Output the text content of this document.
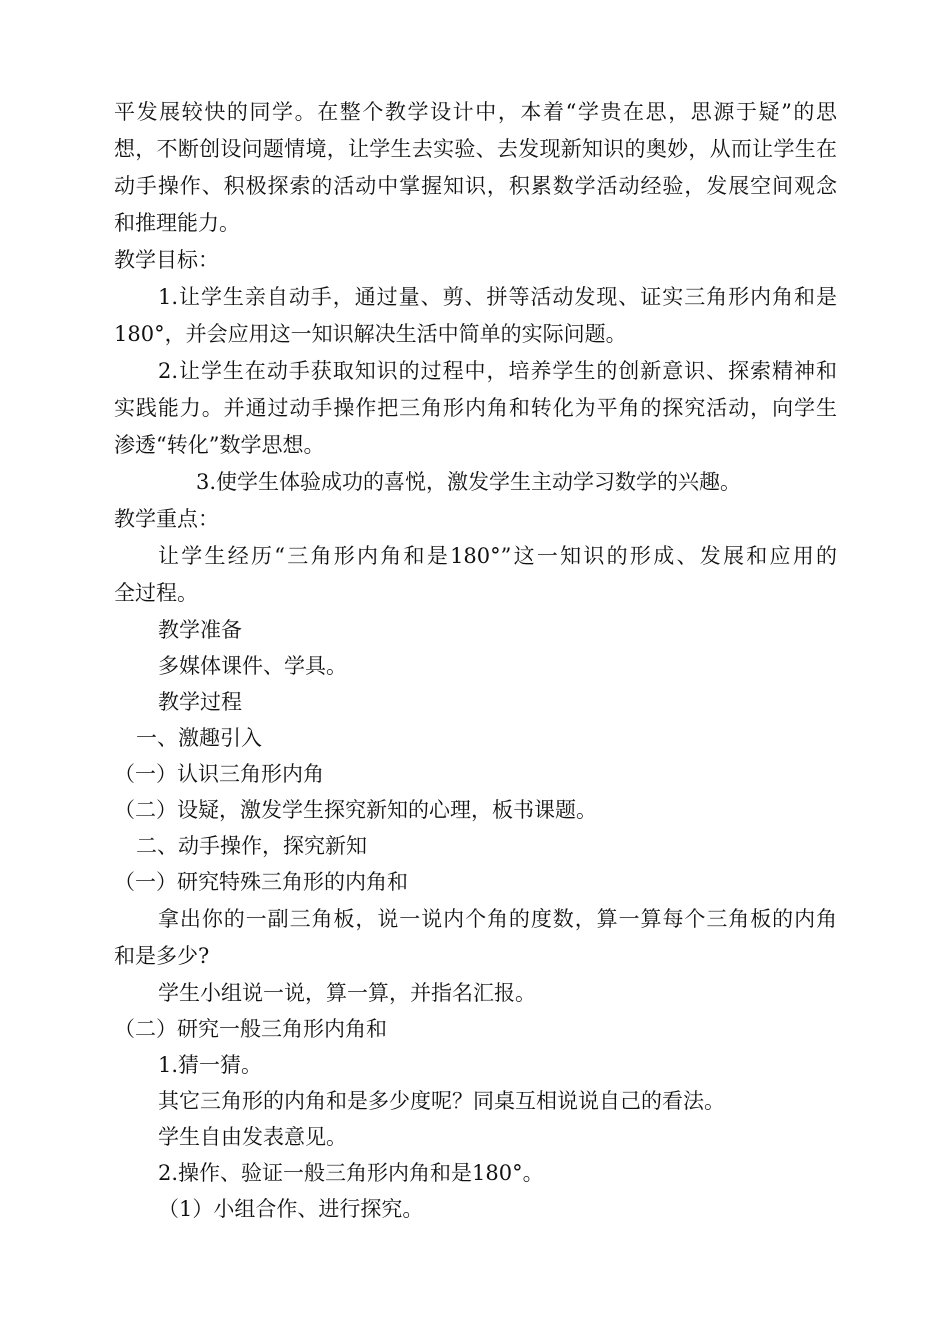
平发展较快的同学。在整个教学设计中，本着“学贵在思，思源于疑”的思
想，不断创设问题情境，让学生去实验、去发现新知识的奥妙，从而让学生在
动手操作、积极探索的活动中掌握知识，积累数学活动经验，发展空间观念
和推理能力。
教学目标：
1.让学生亲自动手，通过量、剪、拼等活动发现、证实三角形内角和是
180°，并会应用这一知识解决生活中简单的实际问题。
2.让学生在动手获取知识的过程中，培养学生的创新意识、探索精神和
实践能力。并通过动手操作把三角形内角和转化为平角的探究活动，向学生
渗透“转化”数学思想。
3.使学生体验成功的喜悦，激发学生主动学习数学的兴趣。
教学重点：
让学生经历“三角形内角和是180°”这一知识的形成、发展和应用的
全过程。
教学准备
多媒体课件、学具。
教学过程
一、激趣引入
（一）认识三角形内角
（二）设疑，激发学生探究新知的心理，板书课题。
二、动手操作，探究新知
（一）研究特殊三角形的内角和
拿出你的一副三角板，说一说内个角的度数，算一算每个三角板的内角
和是多少?
学生小组说一说，算一算，并指名汇报。
（二）研究一般三角形内角和
1.猜一猜。
其它三角形的内角和是多少度呢？同桌互相说说自己的看法。
学生自由发表意见。
2.操作、验证一般三角形内角和是180°。
（1）小组合作、进行探究。
